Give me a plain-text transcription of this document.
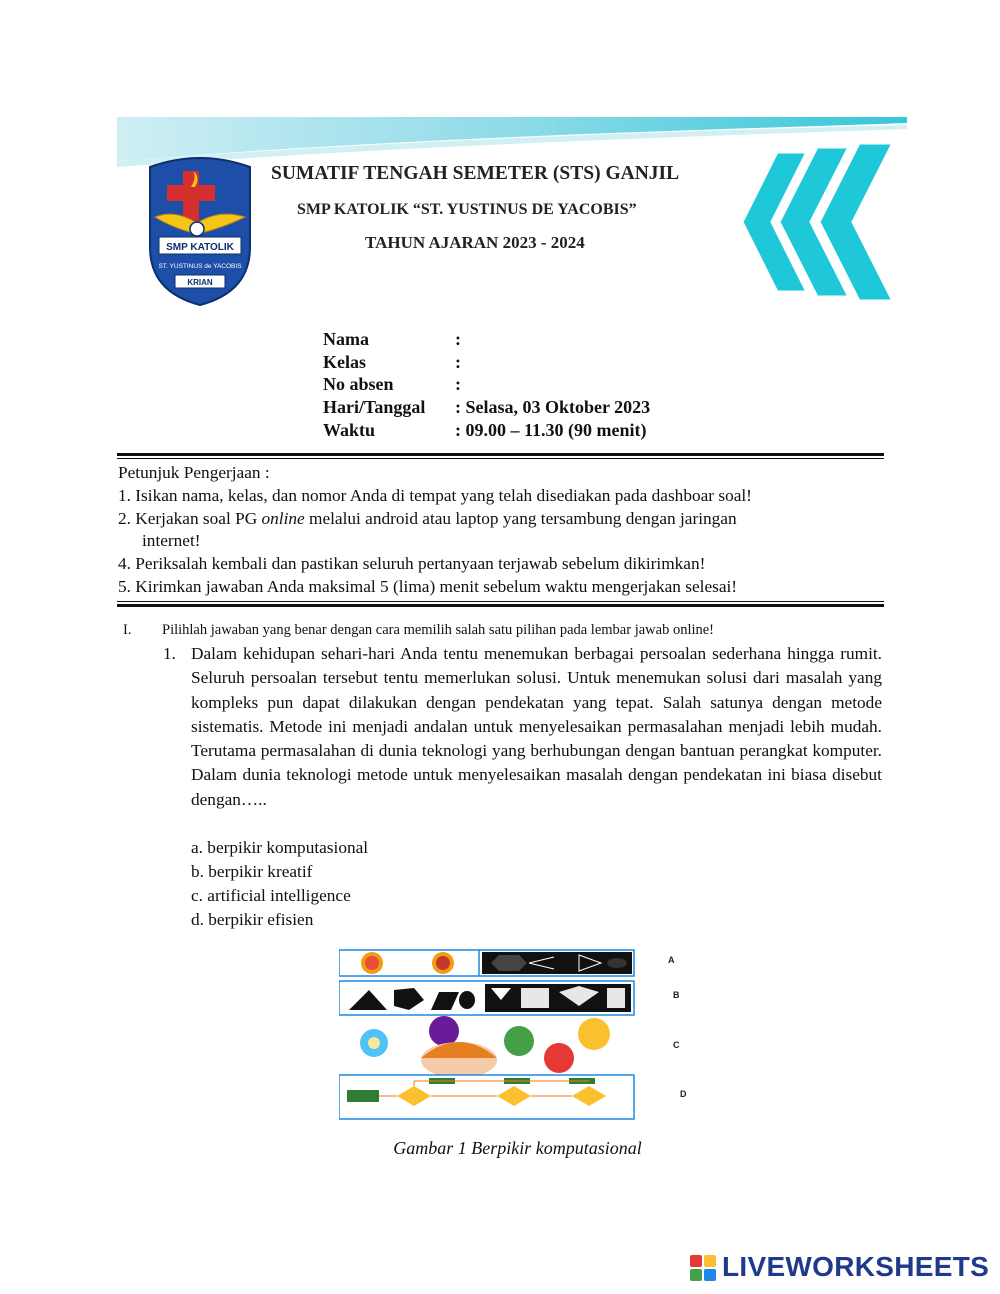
SMP KATOLIK
ST. YUSTINUS de YACOBIS
KRIAN
SUMATIF TENGAH SEMETER (STS) GANJIL
SMP KATOLIK “ST. YUSTINUS DE YACOBIS”
TAHUN AJARAN 2023 - 2024
Nama	:
Kelas	:
No absen	:
Hari/Tanggal : Selasa, 03 Oktober 2023
Waktu	: 09.00 – 11.30 (90 menit)
Petunjuk Pengerjaan :
1. Isikan nama, kelas, dan nomor Anda di tempat yang telah disediakan pada dashboar soal!
2. Kerjakan soal PG online melalui android atau laptop yang tersambung dengan jaringan
internet!
4. Periksalah kembali dan pastikan seluruh pertanyaan terjawab sebelum dikirimkan!
5. Kirimkan jawaban Anda maksimal 5 (lima) menit sebelum waktu mengerjakan selesai!
I. Pilihlah jawaban yang benar dengan cara memilih salah satu pilihan pada lembar jawab online!
1. Dalam kehidupan sehari-hari Anda tentu menemukan berbagai persoalan sederhana hingga rumit. Seluruh persoalan tersebut tentu memerlukan solusi. Untuk menemukan solusi dari masalah yang kompleks pun dapat dilakukan dengan pendekatan yang tepat. Salah satunya dengan metode sistematis. Metode ini menjadi andalan untuk menyelesaikan permasalahan menjadi lebih mudah. Terutama permasalahan di dunia teknologi yang berhubungan dengan bantuan perangkat komputer. Dalam dunia teknologi metode untuk menyelesaikan masalah dengan pendekatan ini biasa disebut dengan…..
a. berpikir komputasional
b. berpikir kreatif
c. artificial intelligence
d. berpikir efisien
A
B
C
D
Gambar 1 Berpikir komputasional
LIVEWORKSHEETS
